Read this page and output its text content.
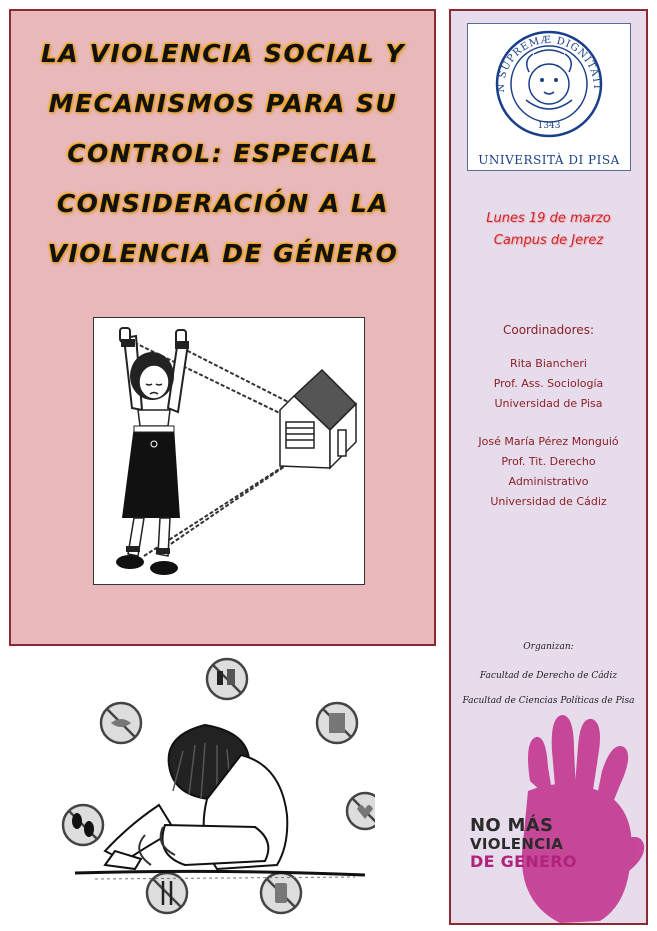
LA VIOLENCIA SOCIAL Y
MECANISMOS PARA SU
CONTROL: ESPECIAL
CONSIDERACIÓN A LA
VIOLENCIA DE GÉNERO
N SUPREMÆ DIGNITATI
1343
UNIVERSITÀ DI PISA
Lunes 19 de marzo
Campus de Jerez
Coordinadores:
Rita Biancheri
Prof. Ass. Sociología
Universidad de Pisa
José María Pérez Monguió
Prof. Tit. Derecho
Administrativo
Universidad de Cádiz
Organizan:
Facultad de Derecho de Cádiz
Facultad de Ciencias Políticas de Pisa
NO MÁS
VIOLENCIA
DE GENERO
